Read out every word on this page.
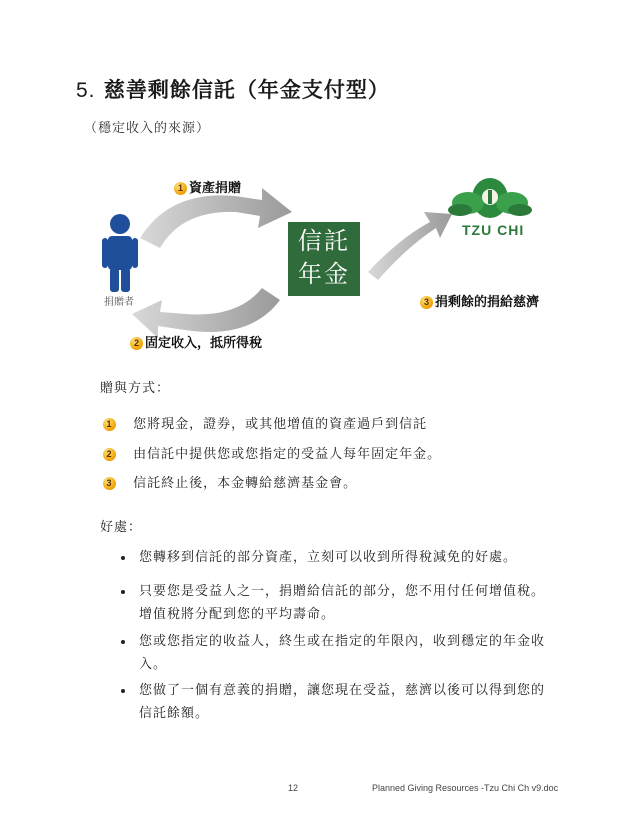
5. 慈善剩餘信託（年金支付型）
（穩定收入的來源）
1 資產捐贈
信託
年金
捐贈者
TZU CHI
3 捐剩餘的捐給慈濟
2 固定收入，抵所得稅
贈與方式：
1 您將現金，證券，或其他增值的資產過戶到信託
2 由信託中提供您或您指定的受益人每年固定年金。
3 信託終止後，本金轉給慈濟基金會。
好處：
您轉移到信託的部分資產，立刻可以收到所得稅減免的好處。
只要您是受益人之一，捐贈給信託的部分，您不用付任何增值稅。
增值稅將分配到您的平均壽命。
您或您指定的收益人，終生或在指定的年限內，收到穩定的年金收
入。
您做了一個有意義的捐贈，讓您現在受益，慈濟以後可以得到您的
信託餘額。
12	Planned Giving Resources -Tzu Chi Ch v9.doc
